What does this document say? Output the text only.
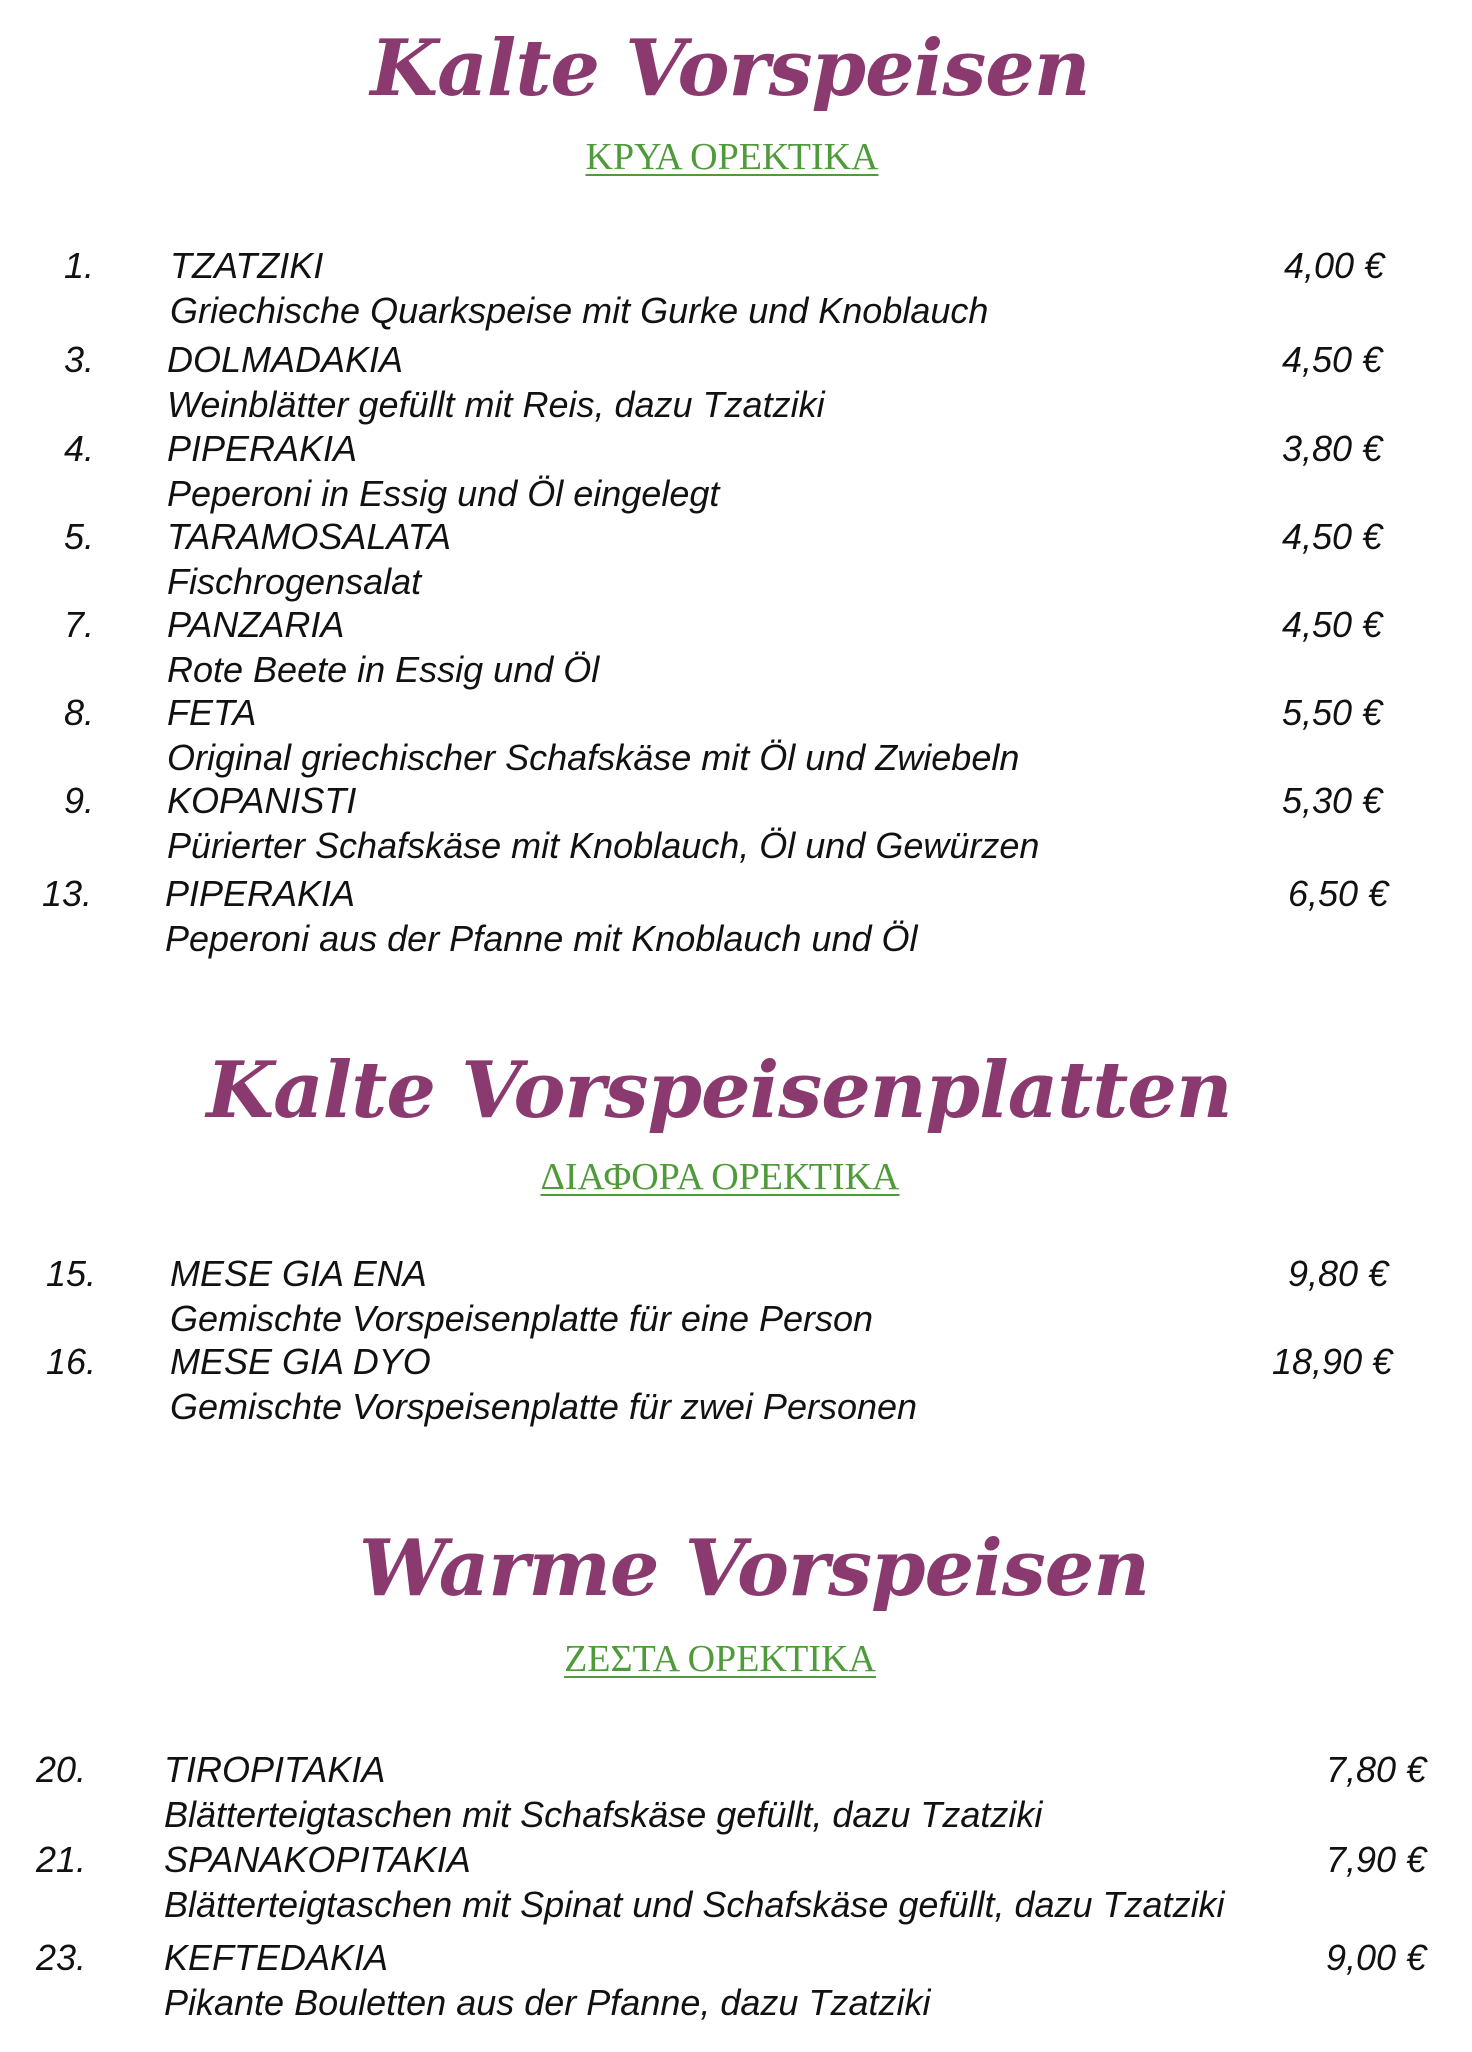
Kalte Vorspeisen
ΚΡΥΑ ΟΡΕΚΤΙΚΑ
1. TZATZIKI
Griechische Quarkspeise mit Gurke und Knoblauch
4,00 €
3. DOLMADAKIA
Weinblätter gefüllt mit Reis, dazu Tzatziki
4,50 €
4. PIPERAKIA
Peperoni in Essig und Öl eingelegt
3,80 €
5. TARAMOSALATA
Fischrogensalat
4,50 €
7. PANZARIA
Rote Beete in Essig und Öl
4,50 €
8. FETA
Original griechischer Schafskäse mit Öl und Zwiebeln
5,50 €
9. KOPANISTI
Pürierter Schafskäse mit Knoblauch, Öl und Gewürzen
5,30 €
13. PIPERAKIA
Peperoni aus der Pfanne mit Knoblauch und Öl
6,50 €
Kalte Vorspeisenplatten
ΔΙΑΦΟΡΑ ΟΡΕΚΤΙΚΑ
15. MESE GIA ENA
Gemischte Vorspeisenplatte für eine Person
9,80 €
16. MESE GIA DYO
Gemischte Vorspeisenplatte für zwei Personen
18,90 €
Warme Vorspeisen
ΖΕΣΤΑ ΟΡΕΚΤΙΚΑ
20. TIROPITAKIA
Blätterteigtaschen mit Schafskäse gefüllt, dazu Tzatziki
7,80 €
21. SPANAKOPITAKIA
Blätterteigtaschen mit Spinat und Schafskäse gefüllt, dazu Tzatziki
7,90 €
23. KEFTEDAKIA
Pikante Bouletten aus der Pfanne, dazu Tzatziki
9,00 €
